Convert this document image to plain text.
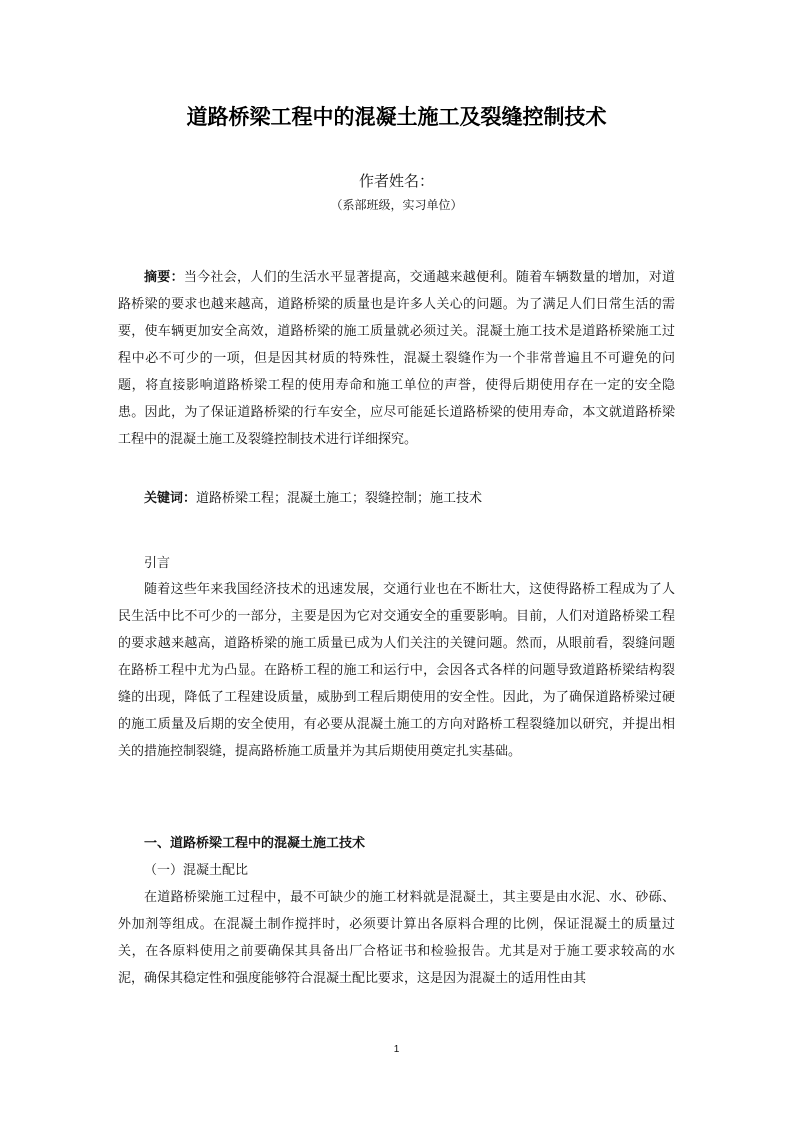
道路桥梁工程中的混凝土施工及裂缝控制技术
作者姓名：
（系部班级，实习单位）

摘要：当今社会，人们的生活水平显著提高，交通越来越便利。随着车辆数量的增加，对道路桥梁的要求也越来越高，道路桥梁的质量也是许多人关心的问题。为了满足人们日常生活的需要，使车辆更加安全高效，道路桥梁的施工质量就必须过关。混凝土施工技术是道路桥梁施工过程中必不可少的一项，但是因其材质的特殊性，混凝土裂缝作为一个非常普遍且不可避免的问题，将直接影响道路桥梁工程的使用寿命和施工单位的声誉，使得后期使用存在一定的安全隐患。因此，为了保证道路桥梁的行车安全，应尽可能延长道路桥梁的使用寿命，本文就道路桥梁工程中的混凝土施工及裂缝控制技术进行详细探究。

关键词：道路桥梁工程；混凝土施工；裂缝控制；施工技术

引言

随着这些年来我国经济技术的迅速发展，交通行业也在不断壮大，这使得路桥工程成为了人民生活中比不可少的一部分，主要是因为它对交通安全的重要影响。目前，人们对道路桥梁工程的要求越来越高，道路桥梁的施工质量已成为人们关注的关键问题。然而，从眼前看，裂缝问题在路桥工程中尤为凸显。在路桥工程的施工和运行中，会因各式各样的问题导致道路桥梁结构裂缝的出现，降低了工程建设质量，威胁到工程后期使用的安全性。因此，为了确保道路桥梁过硬的施工质量及后期的安全使用，有必要从混凝土施工的方向对路桥工程裂缝加以研究，并提出相关的措施控制裂缝，提高路桥施工质量并为其后期使用奠定扎实基础。

一、道路桥梁工程中的混凝土施工技术

（一）混凝土配比

在道路桥梁施工过程中，最不可缺少的施工材料就是混凝土，其主要是由水泥、水、砂砾、外加剂等组成。在混凝土制作搅拌时，必须要计算出各原料合理的比例，保证混凝土的质量过关，在各原料使用之前要确保其具备出厂合格证书和检验报告。尤其是对于施工要求较高的水泥，确保其稳定性和强度能够符合混凝土配比要求，这是因为混凝土的适用性由其

1
